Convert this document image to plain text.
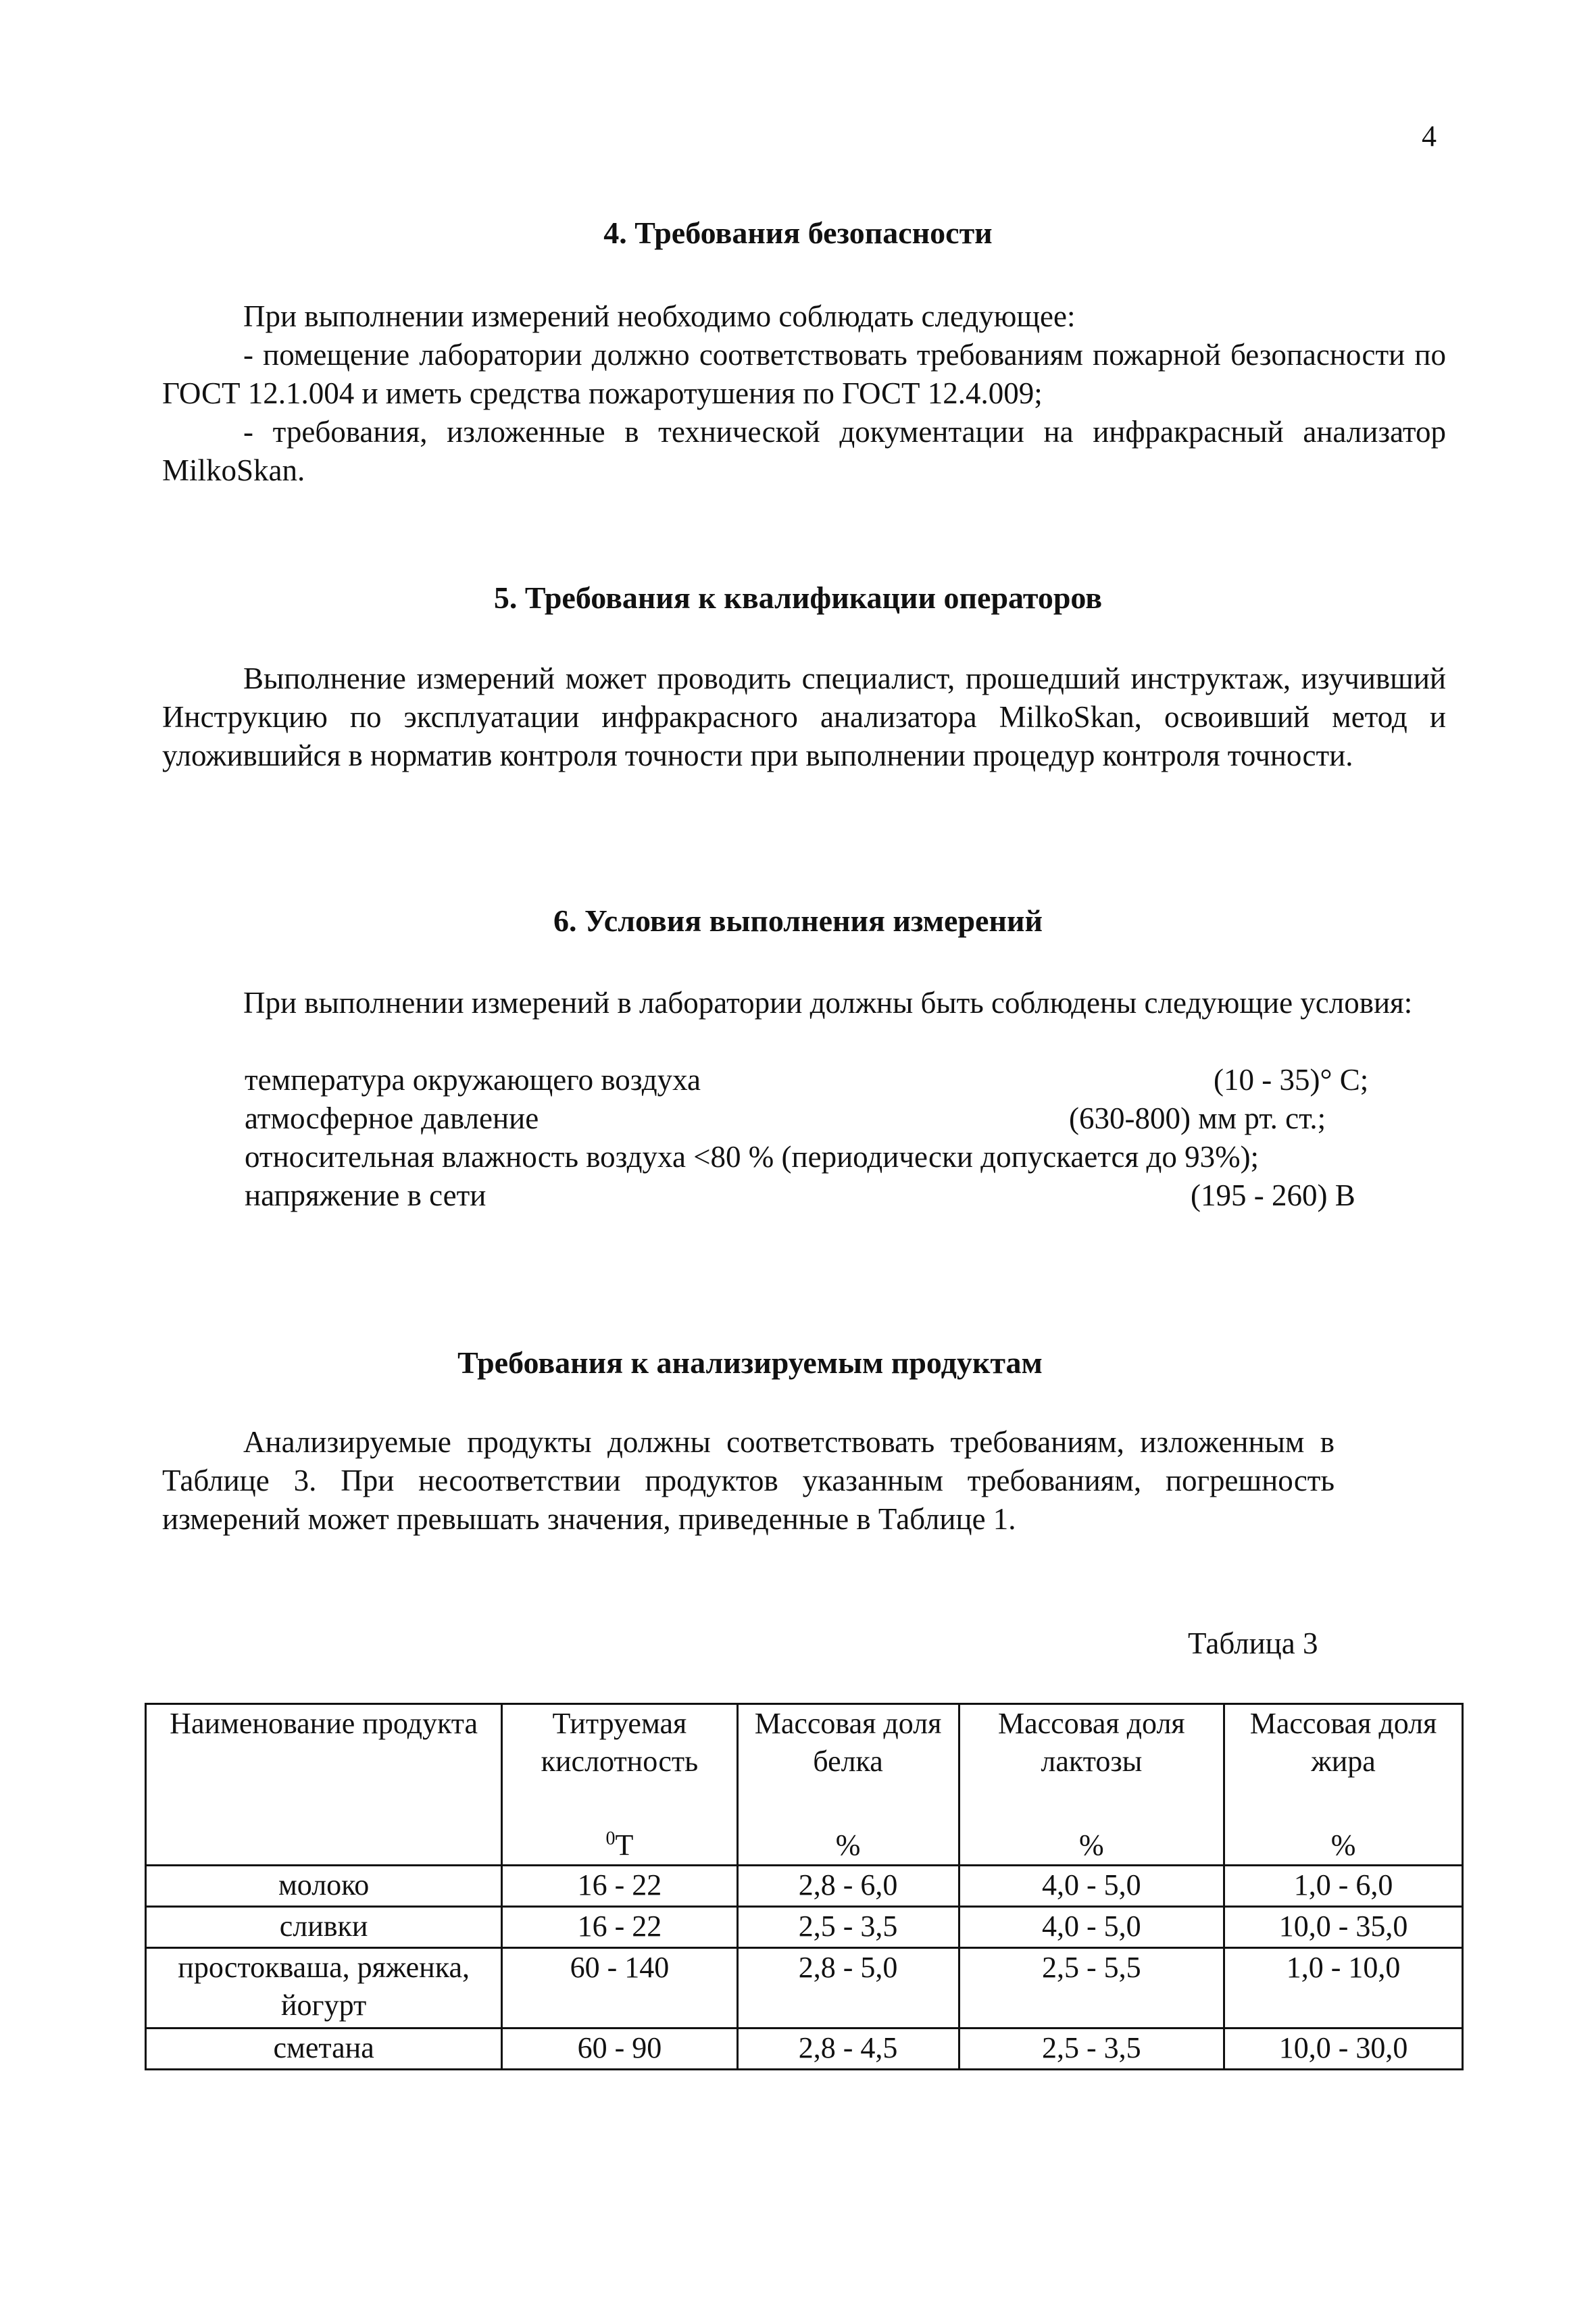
4
4. Требования безопасности

При выполнении измерений необходимо соблюдать следующее:

- помещение лаборатории должно соответствовать требованиям пожарной безопасности по ГОСТ 12.1.004 и иметь средства пожаротушения по ГОСТ 12.4.009;

- требования, изложенные в технической документации на инфракрасный анализатор MilkoSkan.

5. Требования к квалификации операторов

Выполнение измерений может проводить специалист, прошедший инструктаж, изучивший Инструкцию по эксплуатации инфракрасного анализатора MilkoSkan, освоивший метод и уложившийся в норматив контроля точности при выполнении процедур контроля точности.

6. Условия выполнения измерений

При выполнении измерений в лаборатории должны быть соблюдены следующие условия:

температура окружающего воздуха	(10 - 35)° С;
атмосферное давление	(630-800) мм рт. ст.;
относительная влажность воздуха <80 % (периодически допускается до 93%);
напряжение в сети	(195 - 260) В
Требования к анализируемым продуктам

Анализируемые продукты должны соответствовать требованиям, изложенным в Таблице 3. При несоответствии продуктов указанным требованиям, погрешность измерений может превышать значения, приведенные в Таблице 1.

Таблица 3
Наименование продукта	Титруемая кислотность	Массовая доля белка	Массовая доля лактозы	Массовая доля жира
	$^0$Т	%	%	%
молоко	16 - 22	2,8 - 6,0	4,0 - 5,0	1,0 - 6,0
сливки	16 - 22	2,5 - 3,5	4,0 - 5,0	10,0 - 35,0
простокваша, ряженка, йогурт	60 - 140	2,8 - 5,0	2,5 - 5,5	1,0 - 10,0
сметана	60 - 90	2,8 - 4,5	2,5 - 3,5	10,0 - 30,0
